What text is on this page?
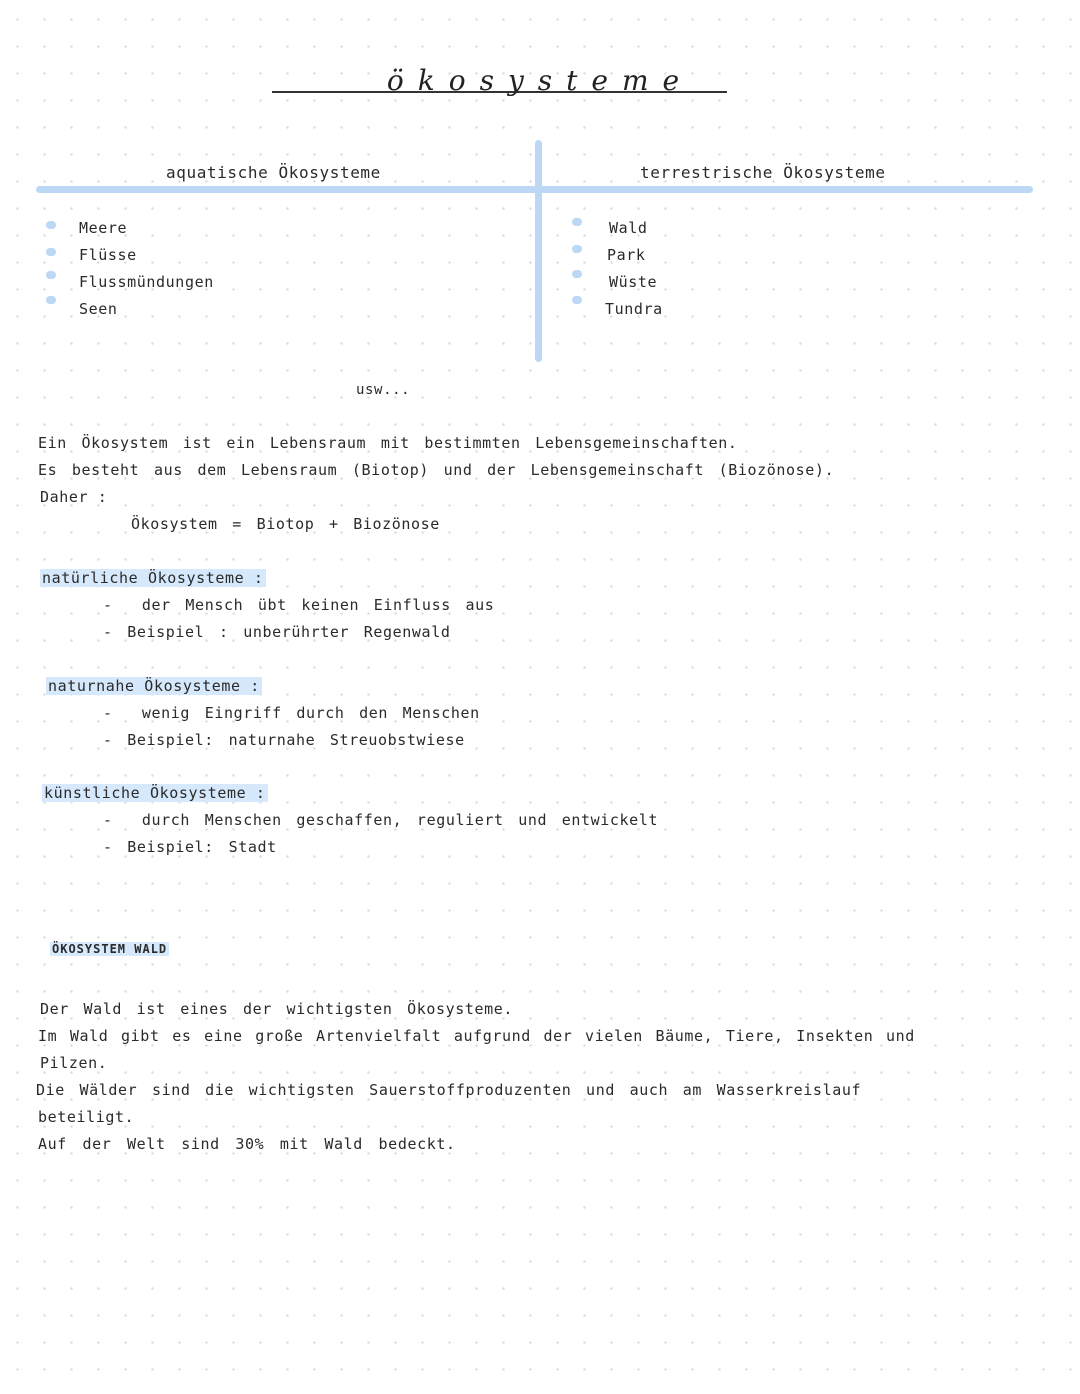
ökosysteme
aquatische Ökosysteme	terrestrische Ökosysteme
Meere
Flüsse
Flussmündungen
Seen
Wald
Park
Wüste
Tundra
usw...
Ein Ökosystem ist ein Lebensraum mit bestimmten Lebensgemeinschaften.
Es besteht aus dem Lebensraum (Biotop) und der Lebensgemeinschaft (Biozönose).
Daher :
Ökosystem = Biotop + Biozönose
natürliche Ökosysteme :
-  der Mensch übt keinen Einfluss aus
- Beispiel : unberührter Regenwald
naturnahe Ökosysteme :
-  wenig Eingriff durch den Menschen
- Beispiel: naturnahe Streuobstwiese
künstliche Ökosysteme :
-  durch Menschen geschaffen, reguliert und entwickelt
- Beispiel: Stadt
ÖKOSYSTEM WALD
Der Wald ist eines der wichtigsten Ökosysteme.
Im Wald gibt es eine große Artenvielfalt aufgrund der vielen Bäume, Tiere, Insekten und
Pilzen.
Die Wälder sind die wichtigsten Sauerstoffproduzenten und auch am Wasserkreislauf
beteiligt.
Auf der Welt sind 30% mit Wald bedeckt.
